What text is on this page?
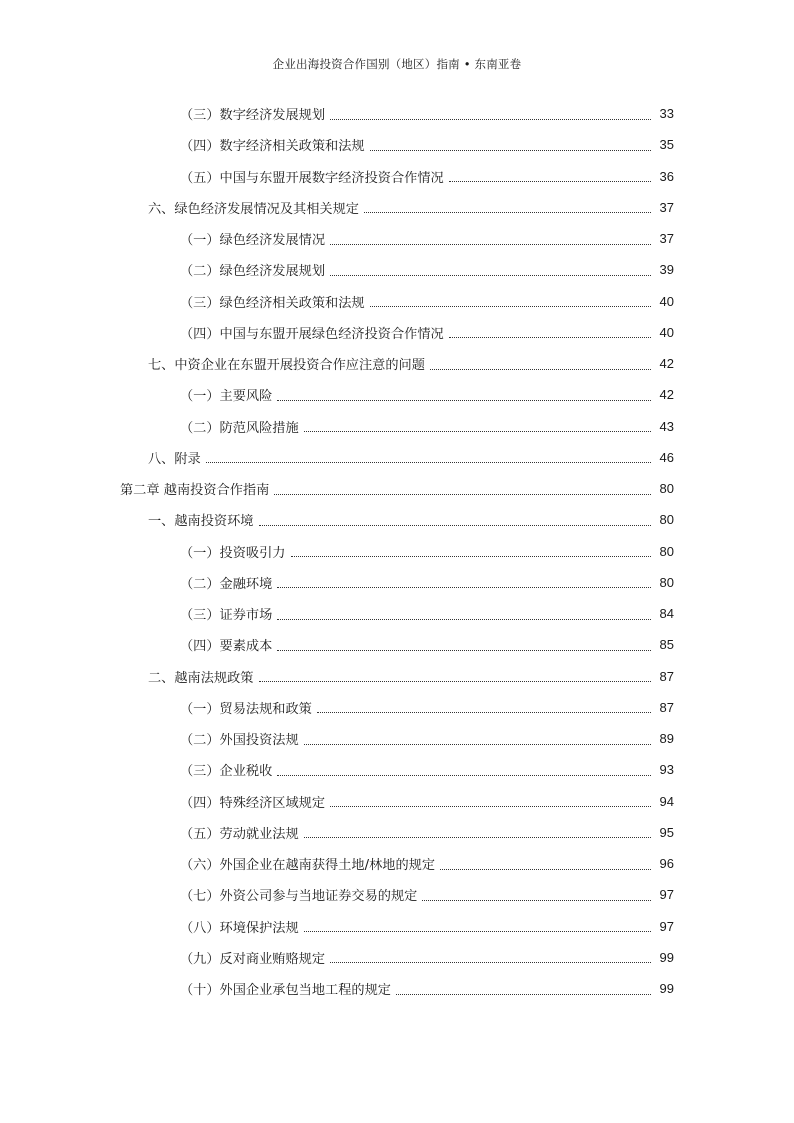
企业出海投资合作国别（地区）指南 • 东南亚卷
（三）数字经济发展规划	33
（四）数字经济相关政策和法规	35
（五）中国与东盟开展数字经济投资合作情况	36
六、绿色经济发展情况及其相关规定	37
（一）绿色经济发展情况	37
（二）绿色经济发展规划	39
（三）绿色经济相关政策和法规	40
（四）中国与东盟开展绿色经济投资合作情况	40
七、中资企业在东盟开展投资合作应注意的问题	42
（一）主要风险	42
（二）防范风险措施	43
八、附录	46
第二章 越南投资合作指南	80
一、越南投资环境	80
（一）投资吸引力	80
（二）金融环境	80
（三）证券市场	84
（四）要素成本	85
二、越南法规政策	87
（一）贸易法规和政策	87
（二）外国投资法规	89
（三）企业税收	93
（四）特殊经济区域规定	94
（五）劳动就业法规	95
（六）外国企业在越南获得土地/林地的规定	96
（七）外资公司参与当地证券交易的规定	97
（八）环境保护法规	97
（九）反对商业贿赂规定	99
（十）外国企业承包当地工程的规定	99
